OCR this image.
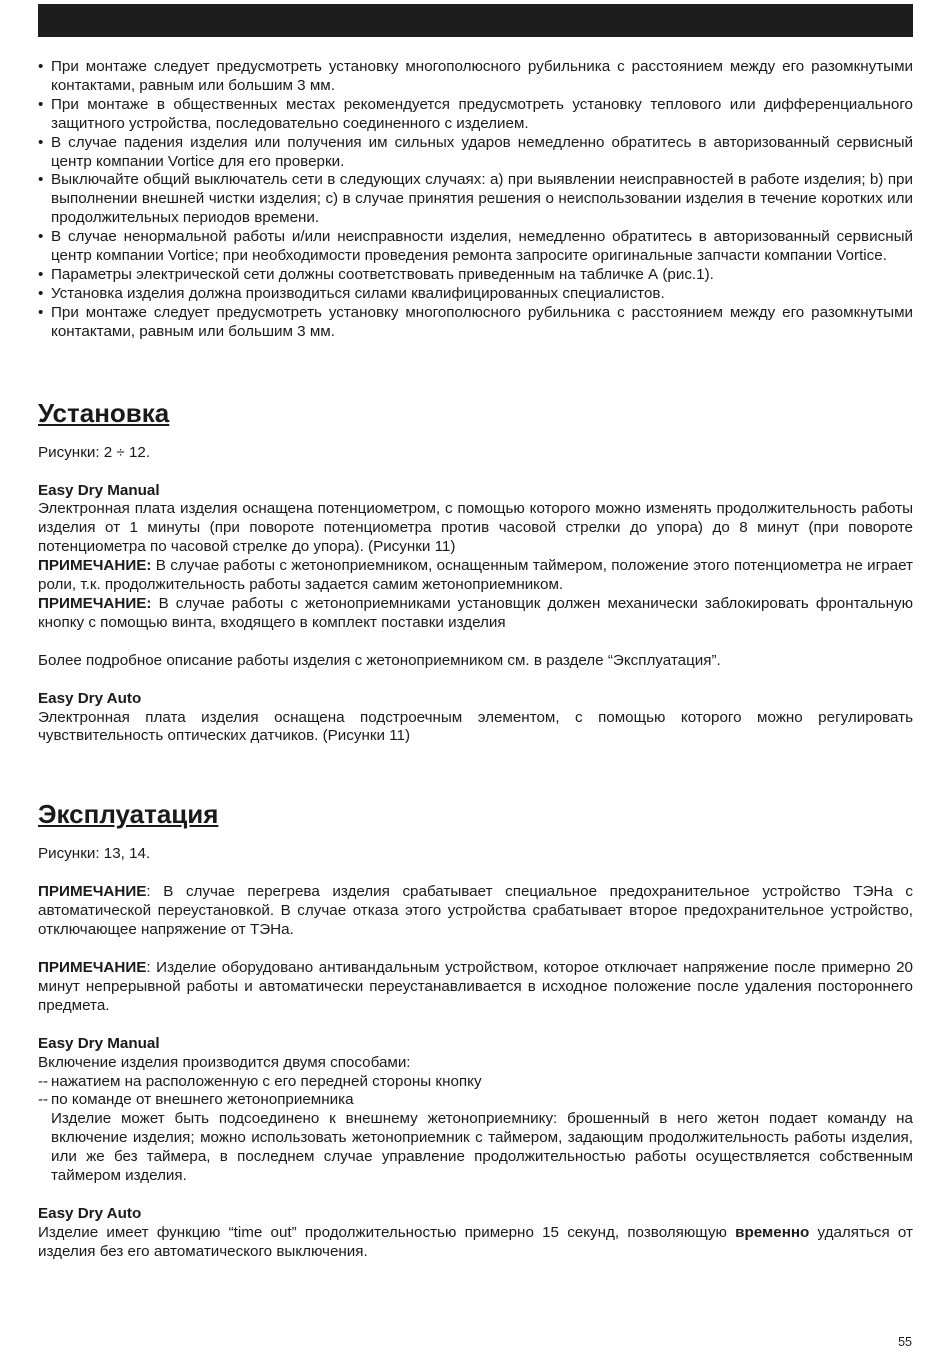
• При монтаже следует предусмотреть установку многополюсного рубильника с расстоянием между его разомкнутыми контактами, равным или большим 3 мм.
• При монтаже в общественных местах рекомендуется предусмотреть установку теплового или дифференциального защитного устройства, последовательно соединенного с изделием.
• В случае падения изделия или получения им сильных ударов немедленно обратитесь в авторизованный сервисный центр компании Vortice для его проверки.
• Выключайте общий выключатель сети в следующих случаях: a) при выявлении неисправностей в работе изделия; b) при выполнении внешней чистки изделия; c) в случае принятия решения о неиспользовании изделия в течение коротких или продолжительных периодов времени.
• В случае ненормальной работы и/или неисправности изделия, немедленно обратитесь в авторизованный сервисный центр компании Vortice; при необходимости проведения ремонта запросите оригинальные запчасти компании Vortice.
• Параметры электрической сети должны соответствовать приведенным на табличке А (рис.1).
• Установка изделия должна производиться силами квалифицированных специалистов.
• При монтаже следует предусмотреть установку многополюсного рубильника с расстоянием между его разомкнутыми контактами, равным или большим 3 мм.
Установка

Рисунки: 2 ÷ 12.

Easy Dry Manual

Электронная плата изделия оснащена потенциометром, с помощью которого можно изменять продолжительность работы изделия от 1 минуты (при повороте потенциометра против часовой стрелки до упора) до 8 минут (при повороте потенциометра по часовой стрелке до упора). (Рисунки 11)

ПРИМЕЧАНИЕ: В случае работы с жетоноприемником, оснащенным таймером, положение этого потенциометра не играет роли, т.к. продолжительность работы задается самим жетоноприемником.

ПРИМЕЧАНИЕ: В случае работы с жетоноприемниками установщик должен механически заблокировать фронтальную кнопку с помощью винта, входящего в комплект поставки изделия

Более подробное описание работы изделия с жетоноприемником см. в разделе “Эксплуатация”.

Easy Dry Auto

Электронная плата изделия оснащена подстроечным элементом, с помощью которого можно регулировать чувствительность оптических датчиков. (Рисунки 11)

Эксплуатация

Рисунки: 13, 14.

ПРИМЕЧАНИЕ: В случае перегрева изделия срабатывает специальное предохранительное устройство ТЭНа с автоматической переустановкой. В случае отказа этого устройства срабатывает второе предохранительное устройство, отключающее напряжение от ТЭНа.

ПРИМЕЧАНИЕ: Изделие оборудовано антивандальным устройством, которое отключает напряжение после примерно 20 минут непрерывной работы и автоматически переустанавливается в исходное положение после удаления постороннего предмета.

Easy Dry Manual

Включение изделия производится двумя способами:

-- нажатием на расположенную с его передней стороны кнопку
-- по команде от внешнего жетоноприемника

Изделие может быть подсоединено к внешнему жетоноприемнику: брошенный в него жетон подает команду на включение изделия; можно использовать жетоноприемник с таймером, задающим продолжительность работы изделия, или же без таймера, в последнем случае управление продолжительностью работы осуществляется собственным таймером изделия.

Easy Dry Auto

Изделие имеет функцию “time out” продолжительностью примерно 15 секунд, позволяющую временно удаляться от изделия без его автоматического выключения.

55
